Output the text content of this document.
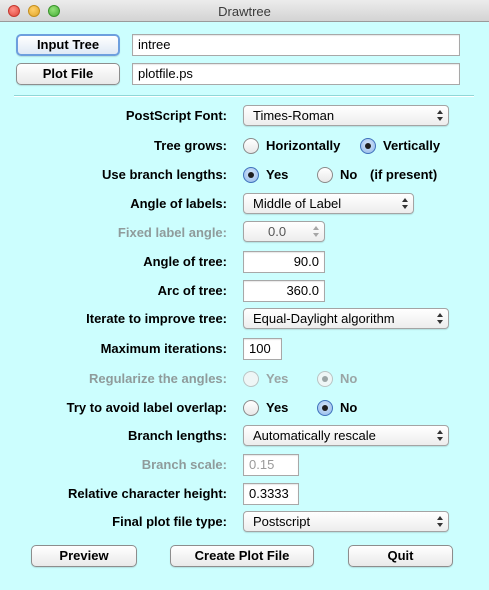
Drawtree
Input Tree	intree
Plot File	plotfile.ps
PostScript Font:	Times-Roman
Tree grows:	Horizontally	Vertically
Use branch lengths:	Yes	No (if present)
Angle of labels:	Middle of Label
Fixed label angle:	0.0
Angle of tree:	90.0
Arc of tree:	360.0
Iterate to improve tree:	Equal-Daylight algorithm
Maximum iterations:	100
Regularize the angles:	Yes	No
Try to avoid label overlap:	Yes	No
Branch lengths:	Automatically rescale
Branch scale:	0.15
Relative character height:	0.3333
Final plot file type:	Postscript
Preview	Create Plot File	Quit
